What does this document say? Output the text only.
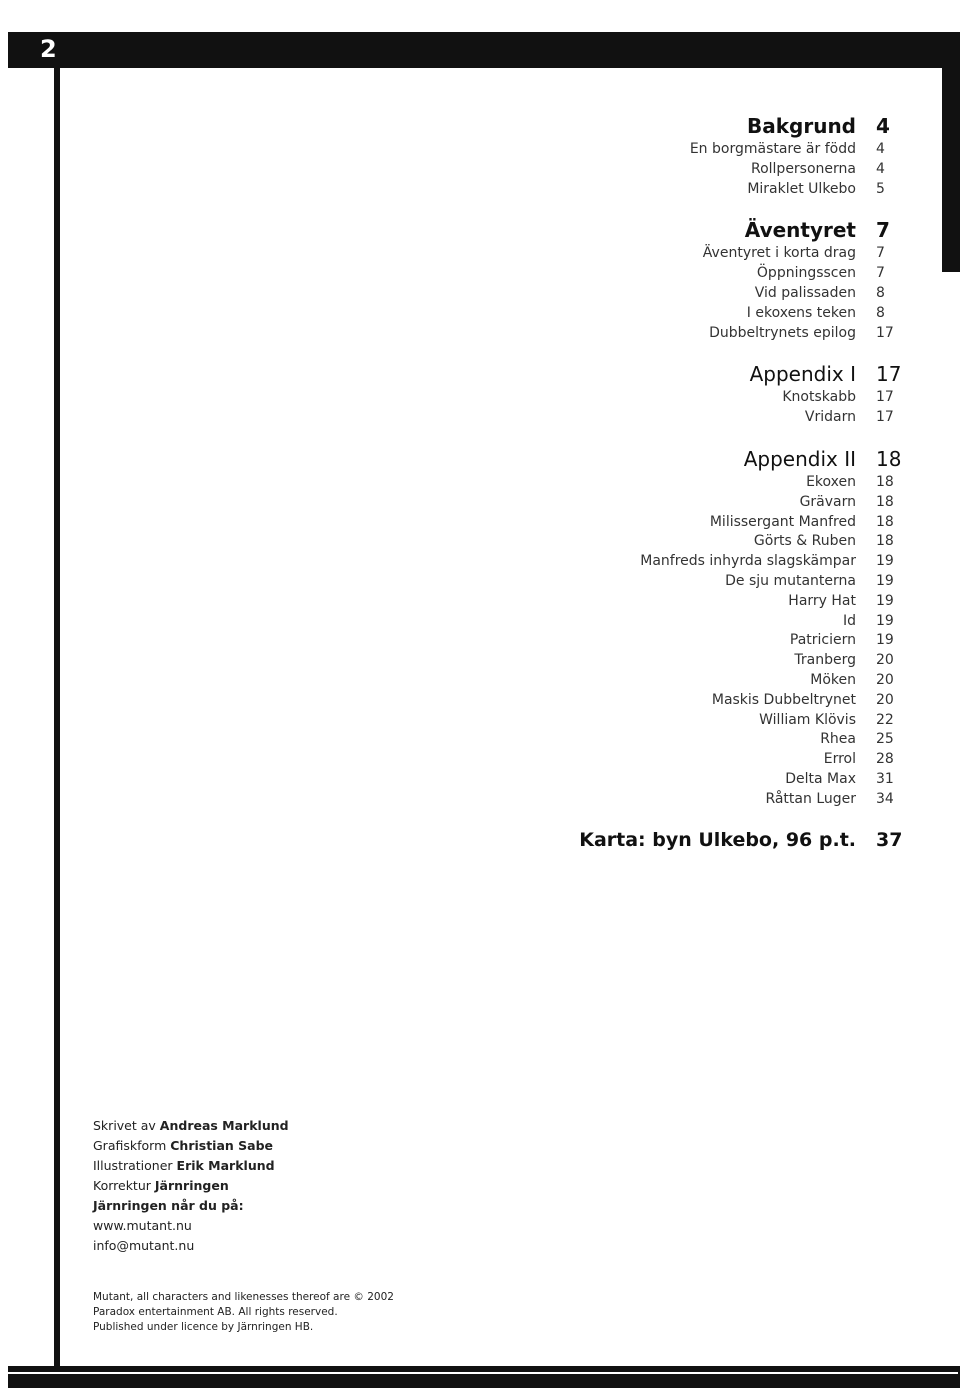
2
Bakgrund	4
En borgmästare är född	4
Rollpersonerna	4
Miraklet Ulkebo	5
Äventyret	7
Äventyret i korta drag	7
Öppningsscen	7
Vid palissaden	8
I ekoxens teken	8
Dubbeltrynets epilog	17
Appendix I	17
Knotskabb	17
Vridarn	17
Appendix II	18
Ekoxen	18
Grävarn	18
Milissergant Manfred	18
Görts & Ruben	18
Manfreds inhyrda slagskämpar	19
De sju mutanterna	19
Harry Hat	19
Id	19
Patriciern	19
Tranberg	20
Möken	20
Maskis Dubbeltrynet	20
William Klövis	22
Rhea	25
Errol	28
Delta Max	31
Råttan Luger	34
Karta: byn Ulkebo, 96 p.t.	37
Skrivet av Andreas Marklund
Grafiskform Christian Sabe
Illustrationer Erik Marklund
Korrektur Järnringen
Järnringen når du på:
www.mutant.nu
info@mutant.nu
Mutant, all characters and likenesses thereof are © 2002
Paradox entertainment AB. All rights reserved.
Published under licence by Järnringen HB.
